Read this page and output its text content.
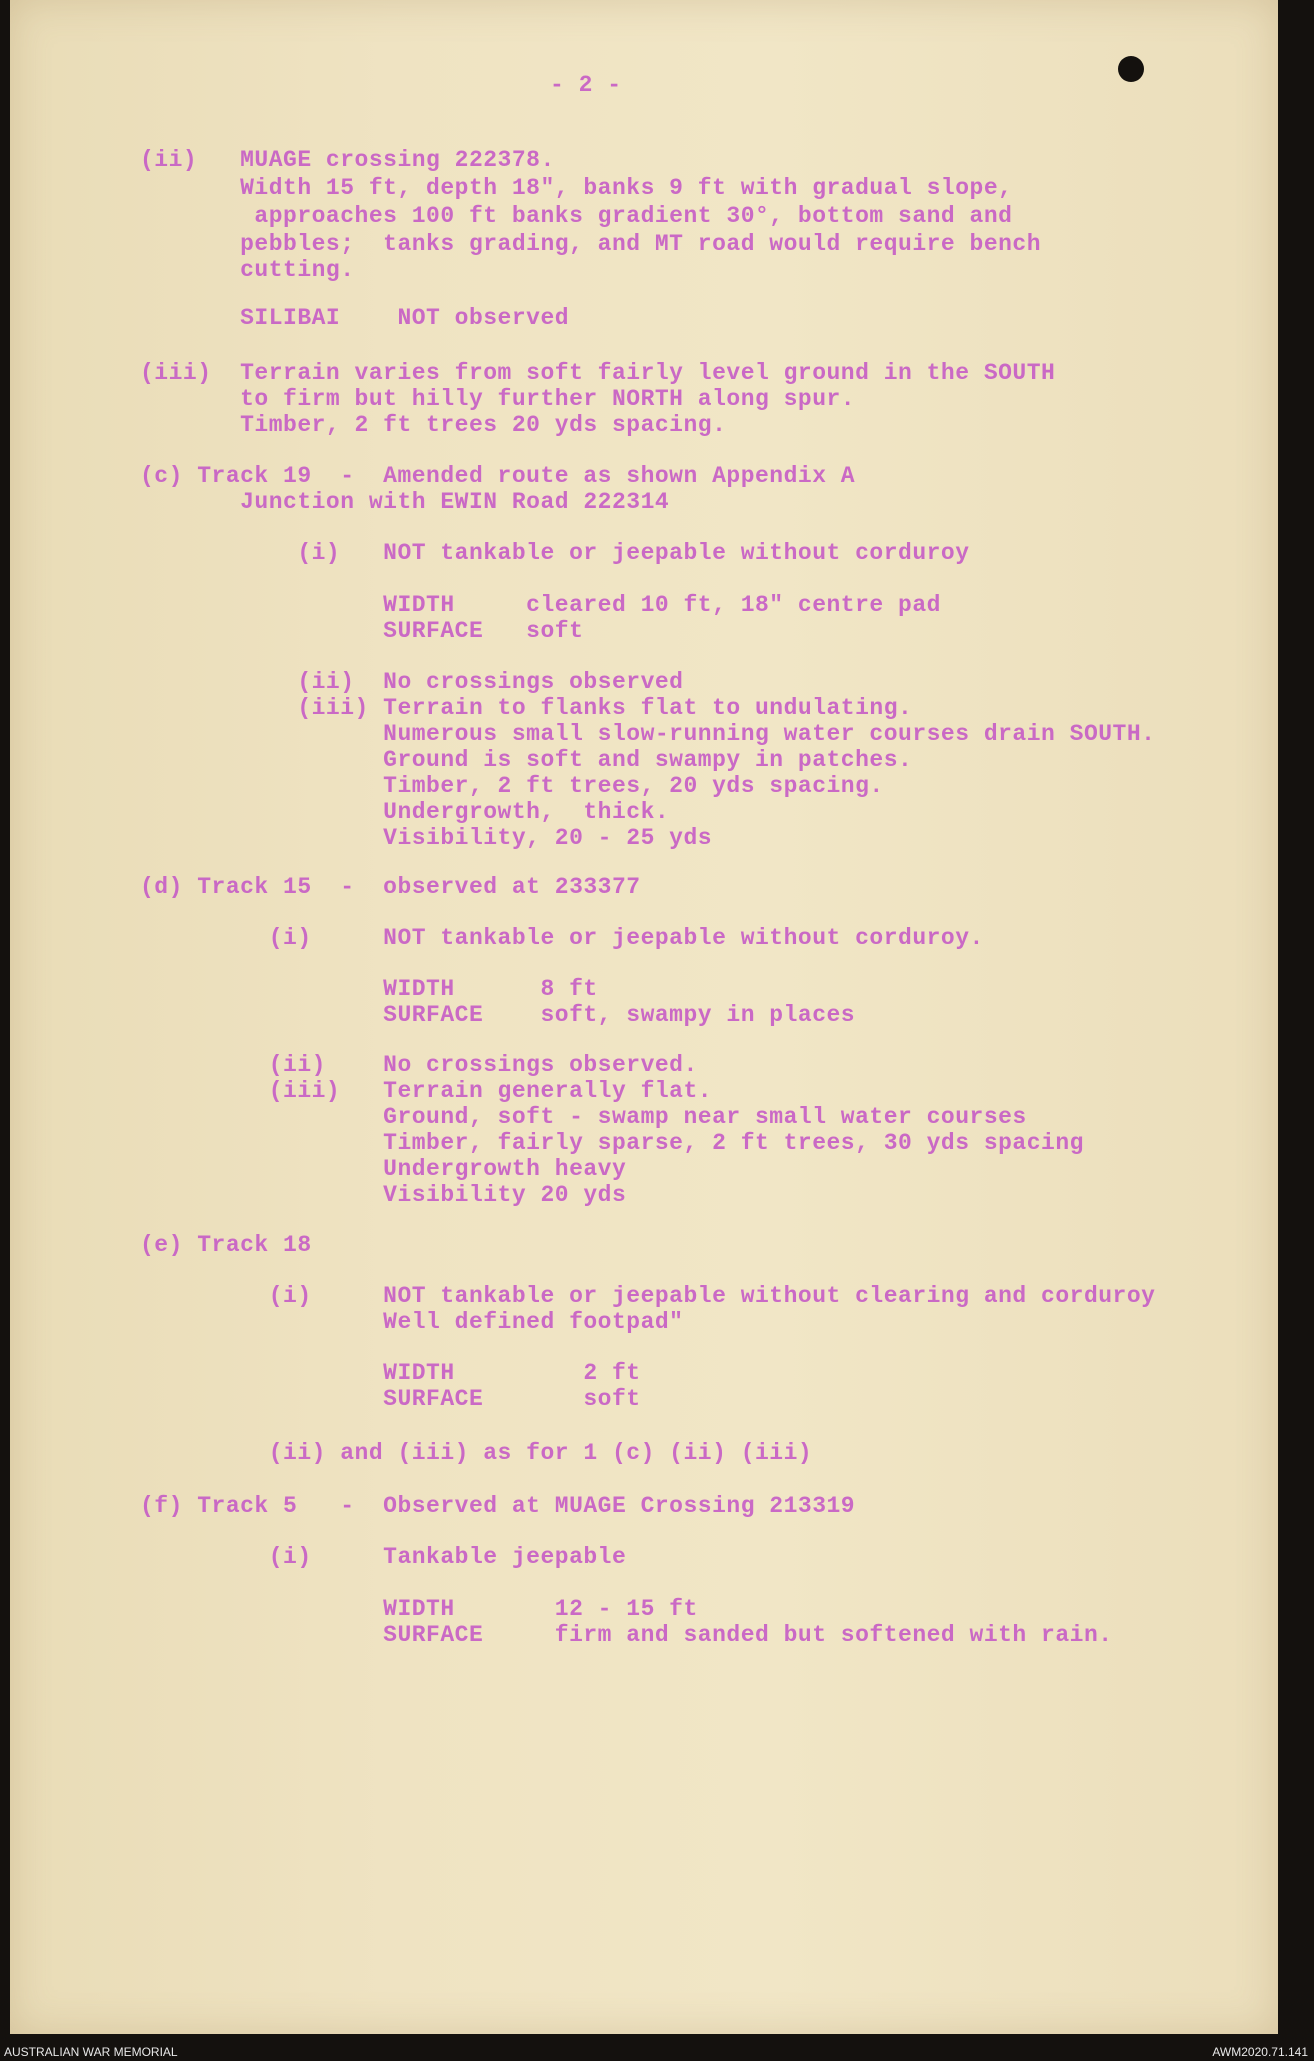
- 2 -
(ii)   MUAGE crossing 222378.
Width 15 ft, depth 18", banks 9 ft with gradual slope,
approaches 100 ft banks gradient 30°, bottom sand and
pebbles;  tanks grading, and MT road would require bench
cutting.
SILIBAI    NOT observed
(iii)  Terrain varies from soft fairly level ground in the SOUTH
to firm but hilly further NORTH along spur.
Timber, 2 ft trees 20 yds spacing.
(c) Track 19  -  Amended route as shown Appendix A
Junction with EWIN Road 222314
(i)   NOT tankable or jeepable without corduroy
WIDTH     cleared 10 ft, 18" centre pad
SURFACE   soft
(ii)  No crossings observed
(iii) Terrain to flanks flat to undulating.
Numerous small slow-running water courses drain SOUTH.
Ground is soft and swampy in patches.
Timber, 2 ft trees, 20 yds spacing.
Undergrowth,  thick.
Visibility, 20 - 25 yds
(d) Track 15  -  observed at 233377
(i)     NOT tankable or jeepable without corduroy.
WIDTH      8 ft
SURFACE    soft, swampy in places
(ii)    No crossings observed.
(iii)   Terrain generally flat.
Ground, soft - swamp near small water courses
Timber, fairly sparse, 2 ft trees, 30 yds spacing
Undergrowth heavy
Visibility 20 yds
(e) Track 18
(i)     NOT tankable or jeepable without clearing and corduroy
Well defined footpad"
WIDTH         2 ft
SURFACE       soft
(ii) and (iii) as for 1 (c) (ii) (iii)
(f) Track 5   -  Observed at MUAGE Crossing 213319
(i)     Tankable jeepable
WIDTH       12 - 15 ft
SURFACE     firm and sanded but softened with rain.
AUSTRALIAN WAR MEMORIAL	AWM2020.71.141
